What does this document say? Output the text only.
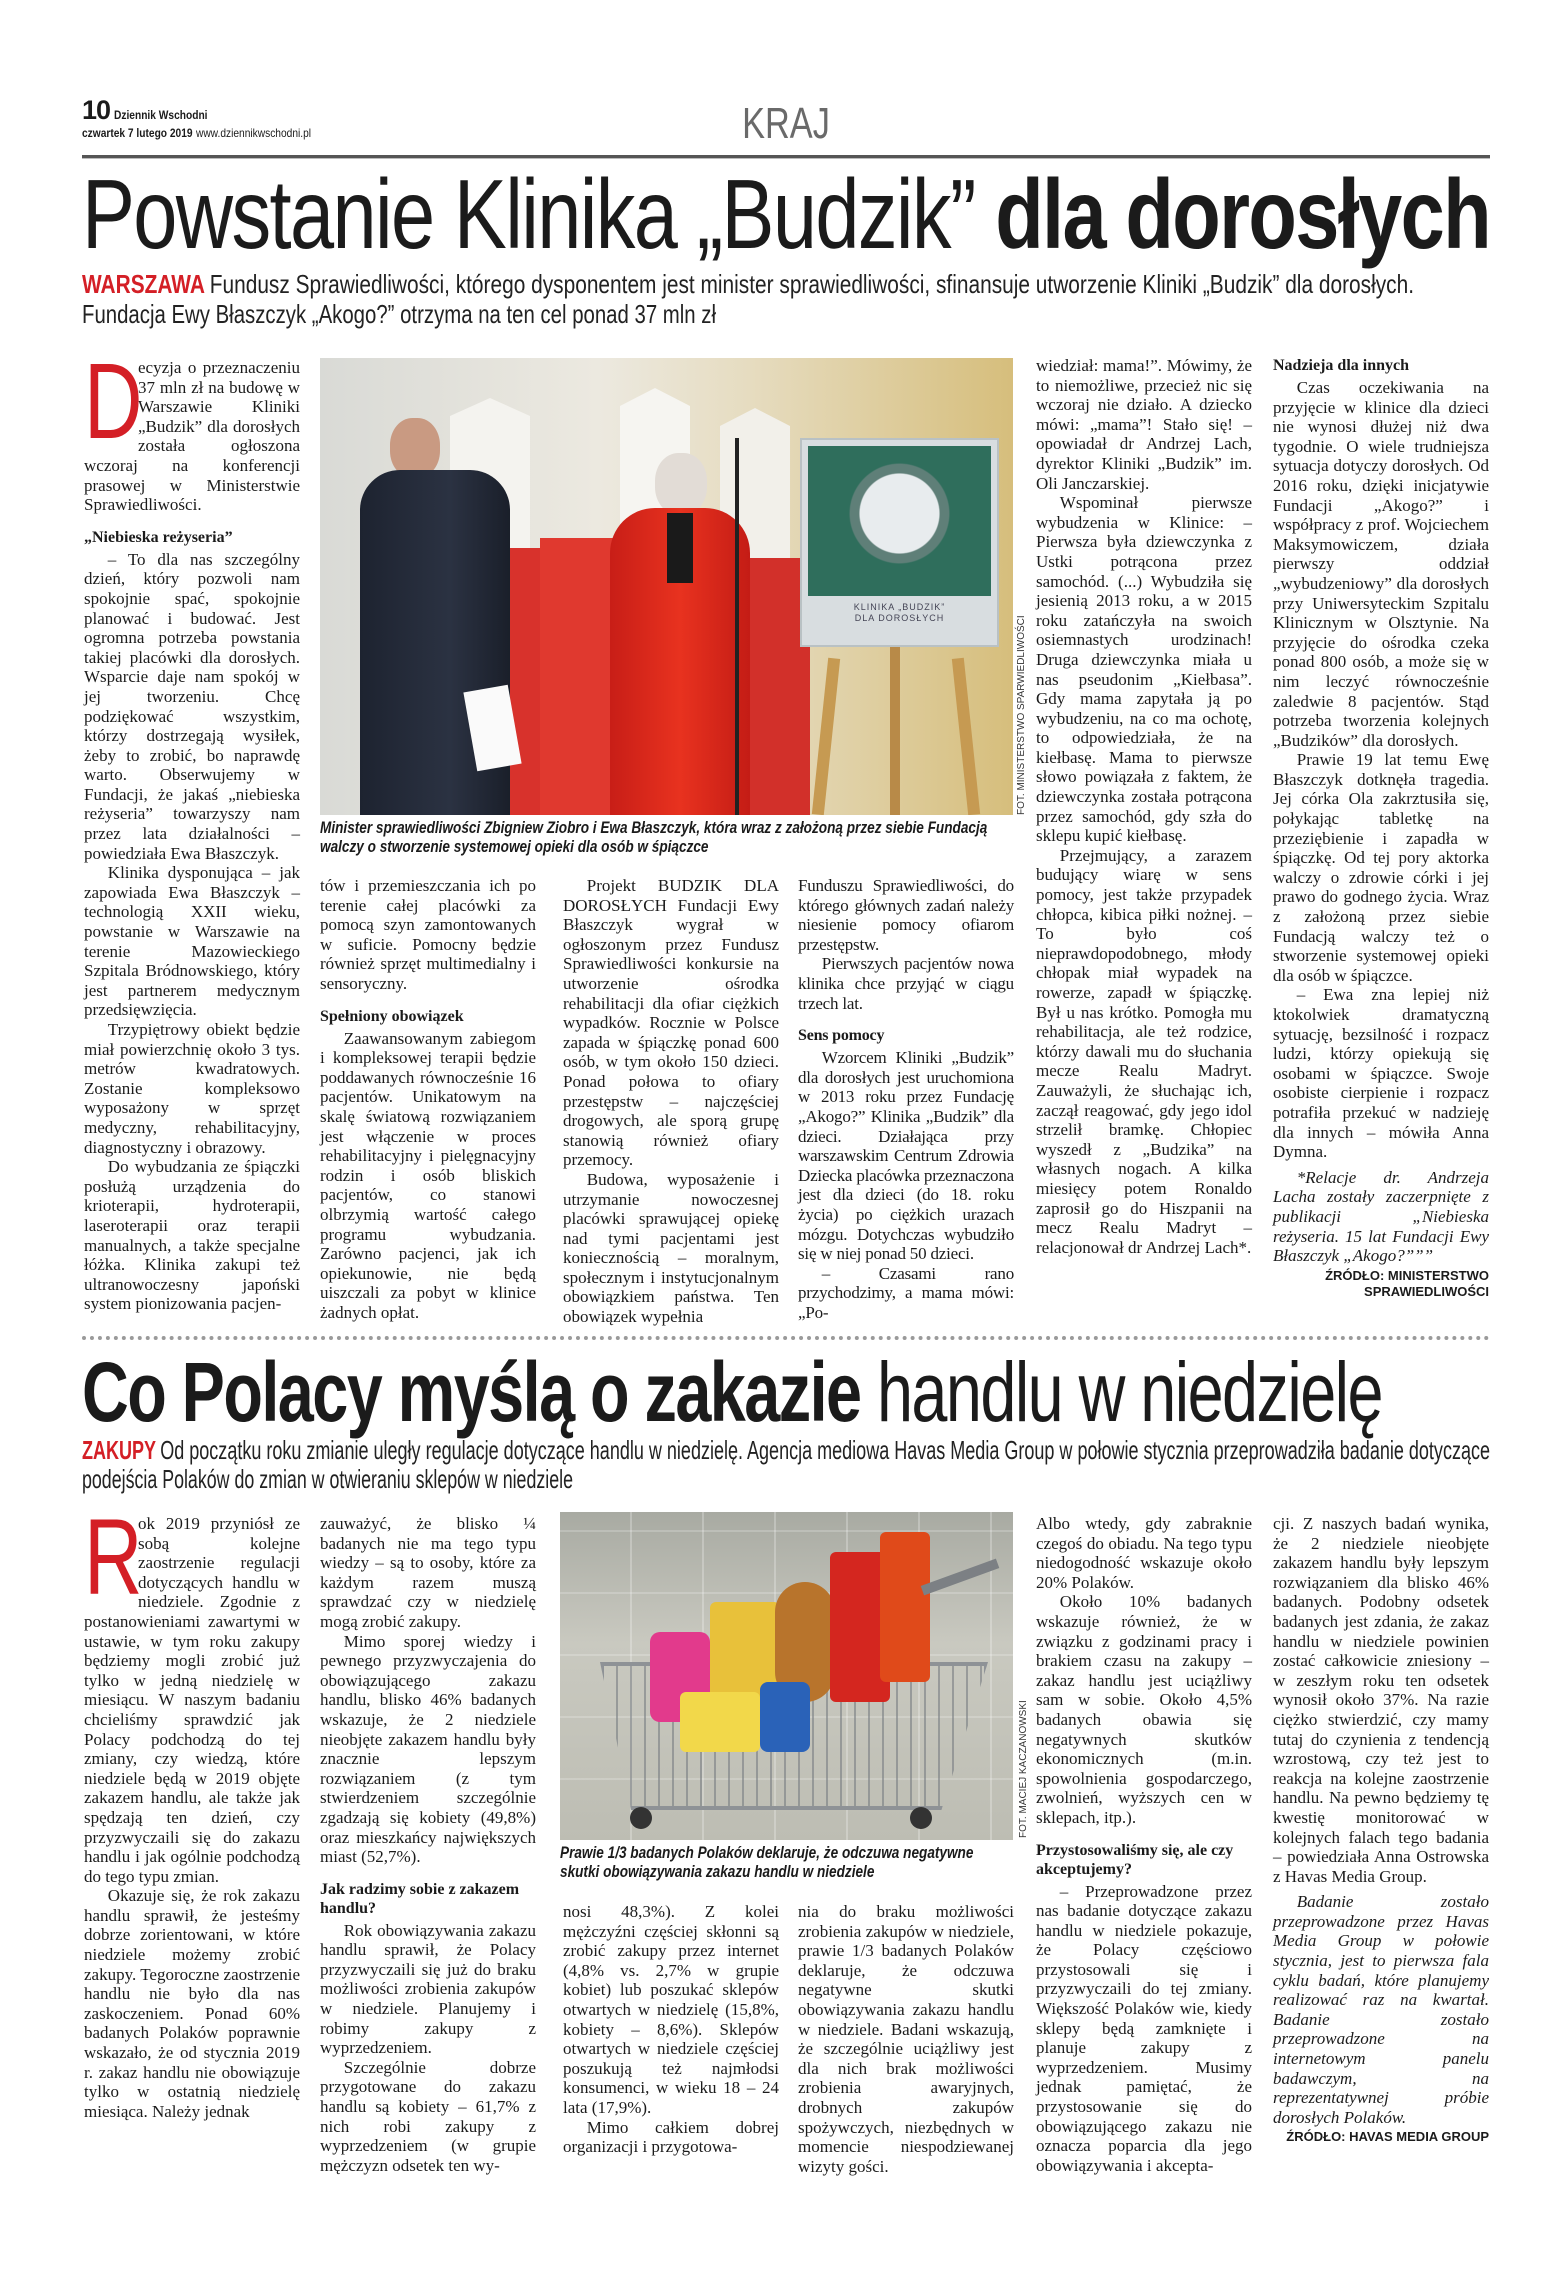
10 Dziennik Wschodni
czwartek 7 lutego 2019 www.dziennikwschodni.pl	KRAJ
Powstanie Klinika „Budzik” dla dorosłych
WARSZAWA Fundusz Sprawiedliwości, którego dysponentem jest minister sprawiedliwości, sfinansuje utworzenie Kliniki „Budzik” dla dorosłych.
Fundacja Ewy Błaszczyk „Akogo?” otrzyma na ten cel ponad 37 mln zł
KLINIKA „BUDZIK”
DLA DOROSŁYCH	FOT. MINISTERSTWO SPARWIEDLIWOŚCI
Minister sprawiedliwości Zbigniew Ziobro i Ewa Błaszczyk, która wraz z założoną przez siebie Fundacją walczy o stworzenie systemowej opieki dla osób w śpiączce

D
ecyzja o przeznaczeniu 37 mln zł na budowę w Warszawie Kliniki „Budzik” dla dorosłych została ogłoszona wczoraj na konferencji prasowej w Ministerstwie Sprawiedliwości.

„Niebieska reżyseria”

– To dla nas szczególny dzień, który pozwoli nam spokojnie spać, spokojnie planować i budować. Jest ogromna potrzeba powstania takiej placówki dla dorosłych. Wsparcie daje nam spokój w jej tworzeniu. Chcę podziękować wszystkim, którzy dostrzegają wysiłek, żeby to zrobić, bo naprawdę warto. Obserwujemy w Fundacji, że jakaś „niebieska reżyseria” towarzyszy nam przez lata działalności – powiedziała Ewa Błaszczyk.

Klinika dysponująca – jak zapowiada Ewa Błaszczyk – technologią XXII wieku, powstanie w Warszawie na terenie Mazowieckiego Szpitala Bródnowskiego, który jest partnerem medycznym przedsięwzięcia.

Trzypiętrowy obiekt będzie miał powierzchnię około 3 tys. metrów kwadratowych. Zostanie kompleksowo wyposażony w sprzęt medyczny, rehabilitacyjny, diagnostyczny i obrazowy.

Do wybudzania ze śpiączki posłużą urządzenia do krioterapii, hydroterapii, laseroterapii oraz terapii manualnych, a także specjalne łóżka. Klinika zakupi też ultranowoczesny japoński system pionizowania pacjen-

tów i przemieszczania ich po terenie całej placówki za pomocą szyn zamontowanych w suficie. Pomocny będzie również sprzęt multimedialny i sensoryczny.

Spełniony obowiązek

Zaawansowanym zabiegom i kompleksowej terapii będzie poddawanych równocześnie 16 pacjentów. Unikatowym na skalę światową rozwiązaniem jest włączenie w proces rehabilitacyjny i pielęgnacyjny rodzin i osób bliskich pacjentów, co stanowi olbrzymią wartość całego programu wybudzania. Zarówno pacjenci, jak ich opiekunowie, nie będą uiszczali za pobyt w klinice żadnych opłat.

Projekt BUDZIK DLA DOROSŁYCH Fundacji Ewy Błaszczyk wygrał w ogłoszonym przez Fundusz Sprawiedliwości konkursie na utworzenie ośrodka rehabilitacji dla ofiar ciężkich wypadków. Rocznie w Polsce zapada w śpiączkę ponad 600 osób, w tym około 150 dzieci. Ponad połowa to ofiary przestępstw – najczęściej drogowych, ale sporą grupę stanowią również ofiary przemocy.

Budowa, wyposażenie i utrzymanie nowoczesnej placówki sprawującej opiekę nad tymi pacjentami jest koniecznością – moralnym, społecznym i instytucjonalnym obowiązkiem państwa. Ten obowiązek wypełnia

Funduszu Sprawiedliwości, do którego głównych zadań należy niesienie pomocy ofiarom przestępstw.

Pierwszych pacjentów nowa klinika chce przyjąć w ciągu trzech lat.

Sens pomocy

Wzorcem Kliniki „Budzik” dla dorosłych jest uruchomiona w 2013 roku przez Fundację „Akogo?” Klinika „Budzik” dla dzieci. Działająca przy warszawskim Centrum Zdrowia Dziecka placówka przeznaczona jest dla dzieci (do 18. roku życia) po ciężkich urazach mózgu. Dotychczas wybudziło się w niej ponad 50 dzieci.

– Czasami rano przychodzimy, a mama mówi: „Po-

wiedział: mama!”. Mówimy, że to niemożliwe, przecież nic się wczoraj nie działo. A dziecko mówi: „mama”! Stało się! – opowiadał dr Andrzej Lach, dyrektor Kliniki „Budzik” im. Oli Janczarskiej.

Wspominał pierwsze wybudzenia w Klinice: – Pierwsza była dziewczynka z Ustki potrącona przez samochód. (...) Wybudziła się jesienią 2013 roku, a w 2015 roku zatańczyła na swoich osiemnastych urodzinach! Druga dziewczynka miała u nas pseudonim „Kiełbasa”. Gdy mama zapytała ją po wybudzeniu, na co ma ochotę, to odpowiedziała, że na kiełbasę. Mama to pierwsze słowo powiązała z faktem, że dziewczynka została potrącona przez samochód, gdy szła do sklepu kupić kiełbasę.

Przejmujący, a zarazem budujący wiarę w sens pomocy, jest także przypadek chłopca, kibica piłki nożnej. – To było coś nieprawdopodobnego, młody chłopak miał wypadek na rowerze, zapadł w śpiączkę. Był u nas krótko. Pomogła mu rehabilitacja, ale też rodzice, którzy dawali mu do słuchania mecze Realu Madryt. Zauważyli, że słuchając ich, zaczął reagować, gdy jego idol strzelił bramkę. Chłopiec wyszedł z „Budzika” na własnych nogach. A kilka miesięcy potem Ronaldo zaprosił go do Hiszpanii na mecz Realu Madryt – relacjonował dr Andrzej Lach*.

Nadzieja dla innych

Czas oczekiwania na przyjęcie w klinice dla dzieci nie wynosi dłużej niż dwa tygodnie. O wiele trudniejsza sytuacja dotyczy dorosłych. Od 2016 roku, dzięki inicjatywie Fundacji „Akogo?” i współpracy z prof. Wojciechem Maksymowiczem, działa pierwszy oddział „wybudzeniowy” dla dorosłych przy Uniwersyteckim Szpitalu Klinicznym w Olsztynie. Na przyjęcie do ośrodka czeka ponad 800 osób, a może się w nim leczyć równocześnie zaledwie 8 pacjentów. Stąd potrzeba tworzenia kolejnych „Budzików” dla dorosłych.

Prawie 19 lat temu Ewę Błaszczyk dotknęła tragedia. Jej córka Ola zakrztusiła się, połykając tabletkę na przeziębienie i zapadła w śpiączkę. Od tej pory aktorka walczy o zdrowie córki i jej prawo do godnego życia. Wraz z założoną przez siebie Fundacją walczy też o stworzenie systemowej opieki dla osób w śpiączce.

– Ewa zna lepiej niż ktokolwiek dramatyczną sytuację, bezsilność i rozpacz ludzi, którzy opiekują się osobami w śpiączce. Swoje osobiste cierpienie i rozpacz potrafiła przekuć w nadzieję dla innych – mówiła Anna Dymna.

*Relacje dr. Andrzeja Lacha zostały zaczerpnięte z publikacji „Niebieska reżyseria. 15 lat Fundacji Ewy Błaszczyk „Akogo?”””

ŹRÓDŁO: MINISTERSTWO SPRAWIEDLIWOŚCI
Co Polacy myślą o zakazie handlu w niedzielę
ZAKUPY Od początku roku zmianie uległy regulacje dotyczące handlu w niedzielę. Agencja mediowa Havas Media Group w połowie stycznia przeprowadziła badanie dotyczące
podejścia Polaków do zmian w otwieraniu sklepów w niedziele
FOT. MACIEJ KACZANOWSKI
Prawie 1/3 badanych Polaków deklaruje, że odczuwa negatywne skutki obowiązywania zakazu handlu w niedziele

R
ok 2019 przyniósł ze sobą kolejne zaostrzenie regulacji dotyczących handlu w niedziele. Zgodnie z postanowieniami zawartymi w ustawie, w tym roku zakupy będziemy mogli zrobić już tylko w jedną niedzielę w miesiącu. W naszym badaniu chcieliśmy sprawdzić jak Polacy podchodzą do tej zmiany, czy wiedzą, które niedziele będą w 2019 objęte zakazem handlu, ale także jak spędzają ten dzień, czy przyzwyczaili się do zakazu handlu i jak ogólnie podchodzą do tego typu zmian.

Okazuje się, że rok zakazu handlu sprawił, że jesteśmy dobrze zorientowani, w które niedziele możemy zrobić zakupy. Tegoroczne zaostrzenie handlu nie było dla nas zaskoczeniem. Ponad 60% badanych Polaków poprawnie wskazało, że od stycznia 2019 r. zakaz handlu nie obowiązuje tylko w ostatnią niedzielę miesiąca. Należy jednak

zauważyć, że blisko ¼ badanych nie ma tego typu wiedzy – są to osoby, które za każdym razem muszą sprawdzać czy w niedzielę mogą zrobić zakupy.

Mimo sporej wiedzy i pewnego przyzwyczajenia do obowiązującego zakazu handlu, blisko 46% badanych wskazuje, że 2 niedziele nieobjęte zakazem handlu były znacznie lepszym rozwiązaniem (z tym stwierdzeniem szczególnie zgadzają się kobiety (49,8%) oraz mieszkańcy największych miast (52,7%).

Jak radzimy sobie z zakazem handlu?

Rok obowiązywania zakazu handlu sprawił, że Polacy przyzwyczaili się już do braku możliwości zrobienia zakupów w niedziele. Planujemy i robimy zakupy z wyprzedzeniem.

Szczególnie dobrze przygotowane do zakazu handlu są kobiety – 61,7% z nich robi zakupy z wyprzedzeniem (w grupie mężczyzn odsetek ten wy-

nosi 48,3%). Z kolei mężczyźni częściej skłonni są zrobić zakupy przez internet (4,8% vs. 2,7% w grupie kobiet) lub poszukać sklepów otwartych w niedzielę (15,8%, kobiety – 8,6%). Sklepów otwartych w niedziele częściej poszukują też najmłodsi konsumenci, w wieku 18 – 24 lata (17,9%).

Mimo całkiem dobrej organizacji i przygotowa-

nia do braku możliwości zrobienia zakupów w niedziele, prawie 1/3 badanych Polaków deklaruje, że odczuwa negatywne skutki obowiązywania zakazu handlu w niedziele. Badani wskazują, że szczególnie uciążliwy jest dla nich brak możliwości zrobienia awaryjnych, drobnych zakupów spożywczych, niezbędnych w momencie niespodziewanej wizyty gości.

Albo wtedy, gdy zabraknie czegoś do obiadu. Na tego typu niedogodność wskazuje około 20% Polaków.

Około 10% badanych wskazuje również, że w związku z godzinami pracy i brakiem czasu na zakupy – zakaz handlu jest uciążliwy sam w sobie. Około 4,5% badanych obawia się negatywnych skutków ekonomicznych (m.in. spowolnienia gospodarczego, zwolnień, wyższych cen w sklepach, itp.).

Przystosowaliśmy się, ale czy akceptujemy?

– Przeprowadzone przez nas badanie dotyczące zakazu handlu w niedziele pokazuje, że Polacy częściowo przystosowali się i przyzwyczaili do tej zmiany. Większość Polaków wie, kiedy sklepy będą zamknięte i planuje zakupy z wyprzedzeniem. Musimy jednak pamiętać, że przystosowanie się do obowiązującego zakazu nie oznacza poparcia dla jego obowiązywania i akcepta-

cji. Z naszych badań wynika, że 2 niedziele nieobjęte zakazem handlu były lepszym rozwiązaniem dla blisko 46% badanych. Podobny odsetek badanych jest zdania, że zakaz handlu w niedziele powinien zostać całkowicie zniesiony – w zeszłym roku ten odsetek wynosił około 37%. Na razie ciężko stwierdzić, czy mamy tutaj do czynienia z tendencją wzrostową, czy też jest to reakcja na kolejne zaostrzenie handlu. Na pewno będziemy tę kwestię monitorować w kolejnych falach tego badania – powiedziała Anna Ostrowska z Havas Media Group.

Badanie zostało przeprowadzone przez Havas Media Group w połowie stycznia, jest to pierwsza fala cyklu badań, które planujemy realizować raz na kwartał. Badanie zostało przeprowadzone na internetowym panelu badawczym, na reprezentatywnej próbie dorosłych Polaków.

ŹRÓDŁO: HAVAS MEDIA GROUP
